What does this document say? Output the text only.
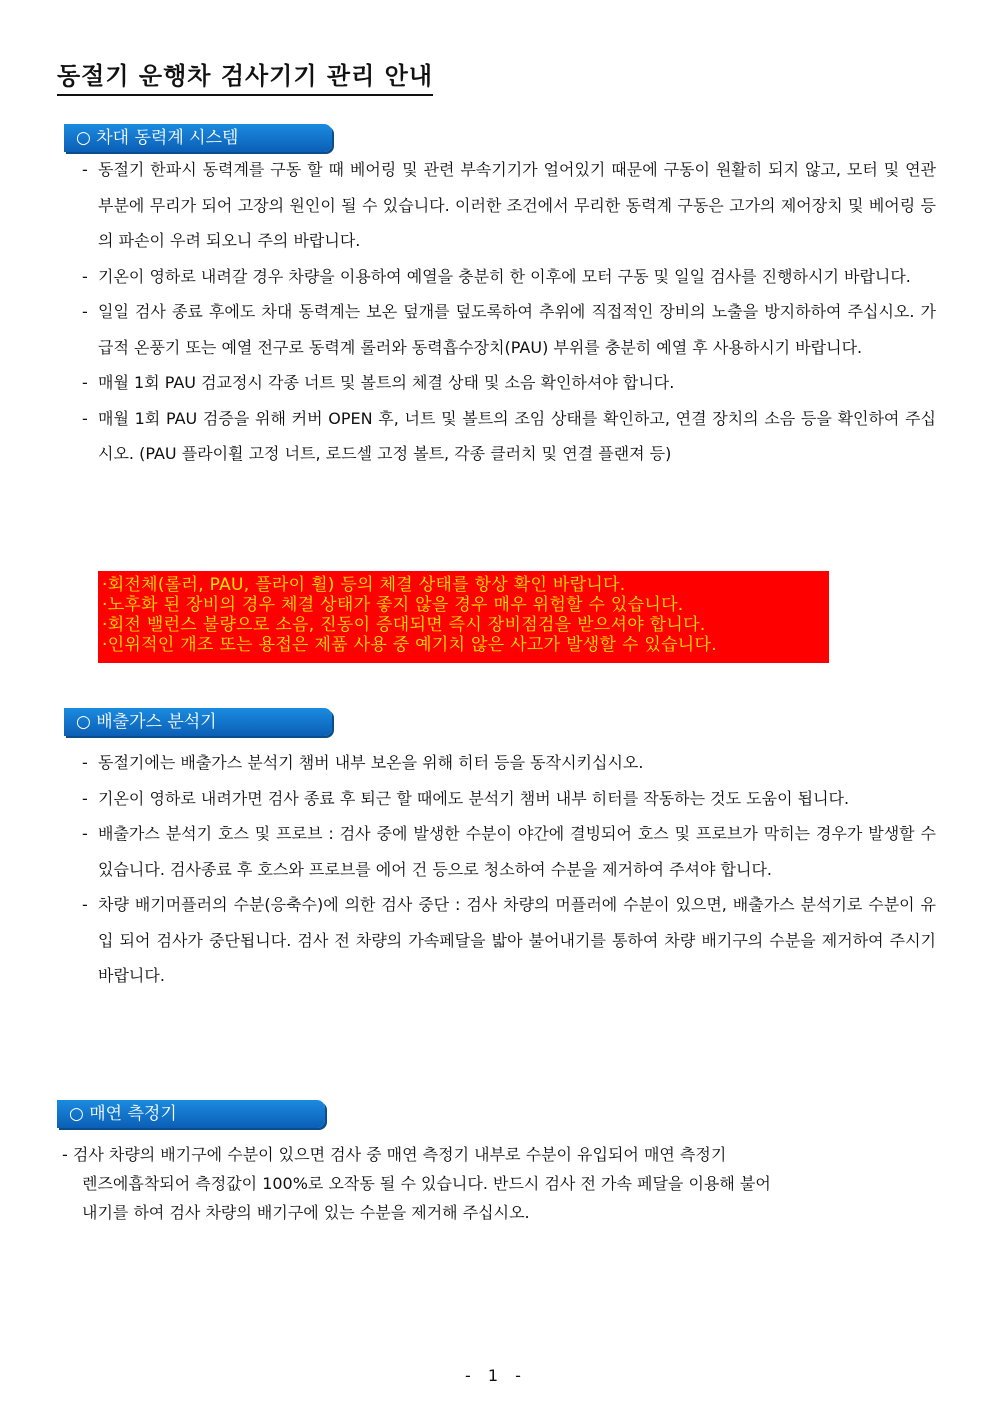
동절기 운행차 검사기기 관리 안내
○ 차대 동력계 시스템
- 동절기 한파시 동력계를 구동 할 때 베어링 및 관련 부속기기가 얼어있기 때문에 구동이 원활히 되지 않고, 모터 및 연관 부분에 무리가 되어 고장의 원인이 될 수 있습니다. 이러한 조건에서 무리한 동력계 구동은 고가의 제어장치 및 베어링 등의 파손이 우려 되오니 주의 바랍니다.
- 기온이 영하로 내려갈 경우 차량을 이용하여 예열을 충분히 한 이후에 모터 구동 및 일일 검사를 진행하시기 바랍니다.
- 일일 검사 종료 후에도 차대 동력계는 보온 덮개를 덮도록하여 추위에 직접적인 장비의 노출을 방지하하여 주십시오. 가급적 온풍기 또는 예열 전구로 동력계 롤러와 동력흡수장치(PAU) 부위를 충분히 예열 후 사용하시기 바랍니다.
- 매월 1회 PAU 검교정시 각종 너트 및 볼트의 체결 상태 및 소음 확인하셔야 합니다.
- 매월 1회 PAU 검증을 위해 커버 OPEN 후, 너트 및 볼트의 조임 상태를 확인하고, 연결 장치의 소음 등을 확인하여 주십시오. (PAU 플라이휠 고정 너트, 로드셀 고정 볼트, 각종 클러치 및 연결 플랜져 등)
·회전체(롤러, PAU, 플라이 휠) 등의 체결 상태를 항상 확인 바랍니다.
·노후화 된 장비의 경우 체결 상태가 좋지 않을 경우 매우 위험할 수 있습니다.
·회전 밸런스 불량으로 소음, 진동이 증대되면 즉시 장비점검을 받으셔야 합니다.
·인위적인 개조 또는 용접은 제품 사용 중 예기치 않은 사고가 발생할 수 있습니다.
○ 배출가스 분석기
- 동절기에는 배출가스 분석기 챔버 내부 보온을 위해 히터 등을 동작시키십시오.
- 기온이 영하로 내려가면 검사 종료 후 퇴근 할 때에도 분석기 챔버 내부 히터를 작동하는 것도 도움이 됩니다.
- 배출가스 분석기 호스 및 프로브 : 검사 중에 발생한 수분이 야간에 결빙되어 호스 및 프로브가 막히는 경우가 발생할 수 있습니다. 검사종료 후 호스와 프로브를 에어 건 등으로 청소하여 수분을 제거하여 주셔야 합니다.
- 차량 배기머플러의 수분(응축수)에 의한 검사 중단 : 검사 차량의 머플러에 수분이 있으면, 배출가스 분석기로 수분이 유입 되어 검사가 중단됩니다. 검사 전 차량의 가속페달을 밟아 불어내기를 통하여 차량 배기구의 수분을 제거하여 주시기 바랍니다.
○ 매연 측정기
- 검사 차량의 배기구에 수분이 있으면 검사 중 매연 측정기 내부로 수분이 유입되어 매연 측정기
렌즈에흡착되어 측정값이 100%로 오작동 될 수 있습니다. 반드시 검사 전 가속 페달을 이용해 불어
내기를 하여 검사 차량의 배기구에 있는 수분을 제거해 주십시오.
- 1 -
